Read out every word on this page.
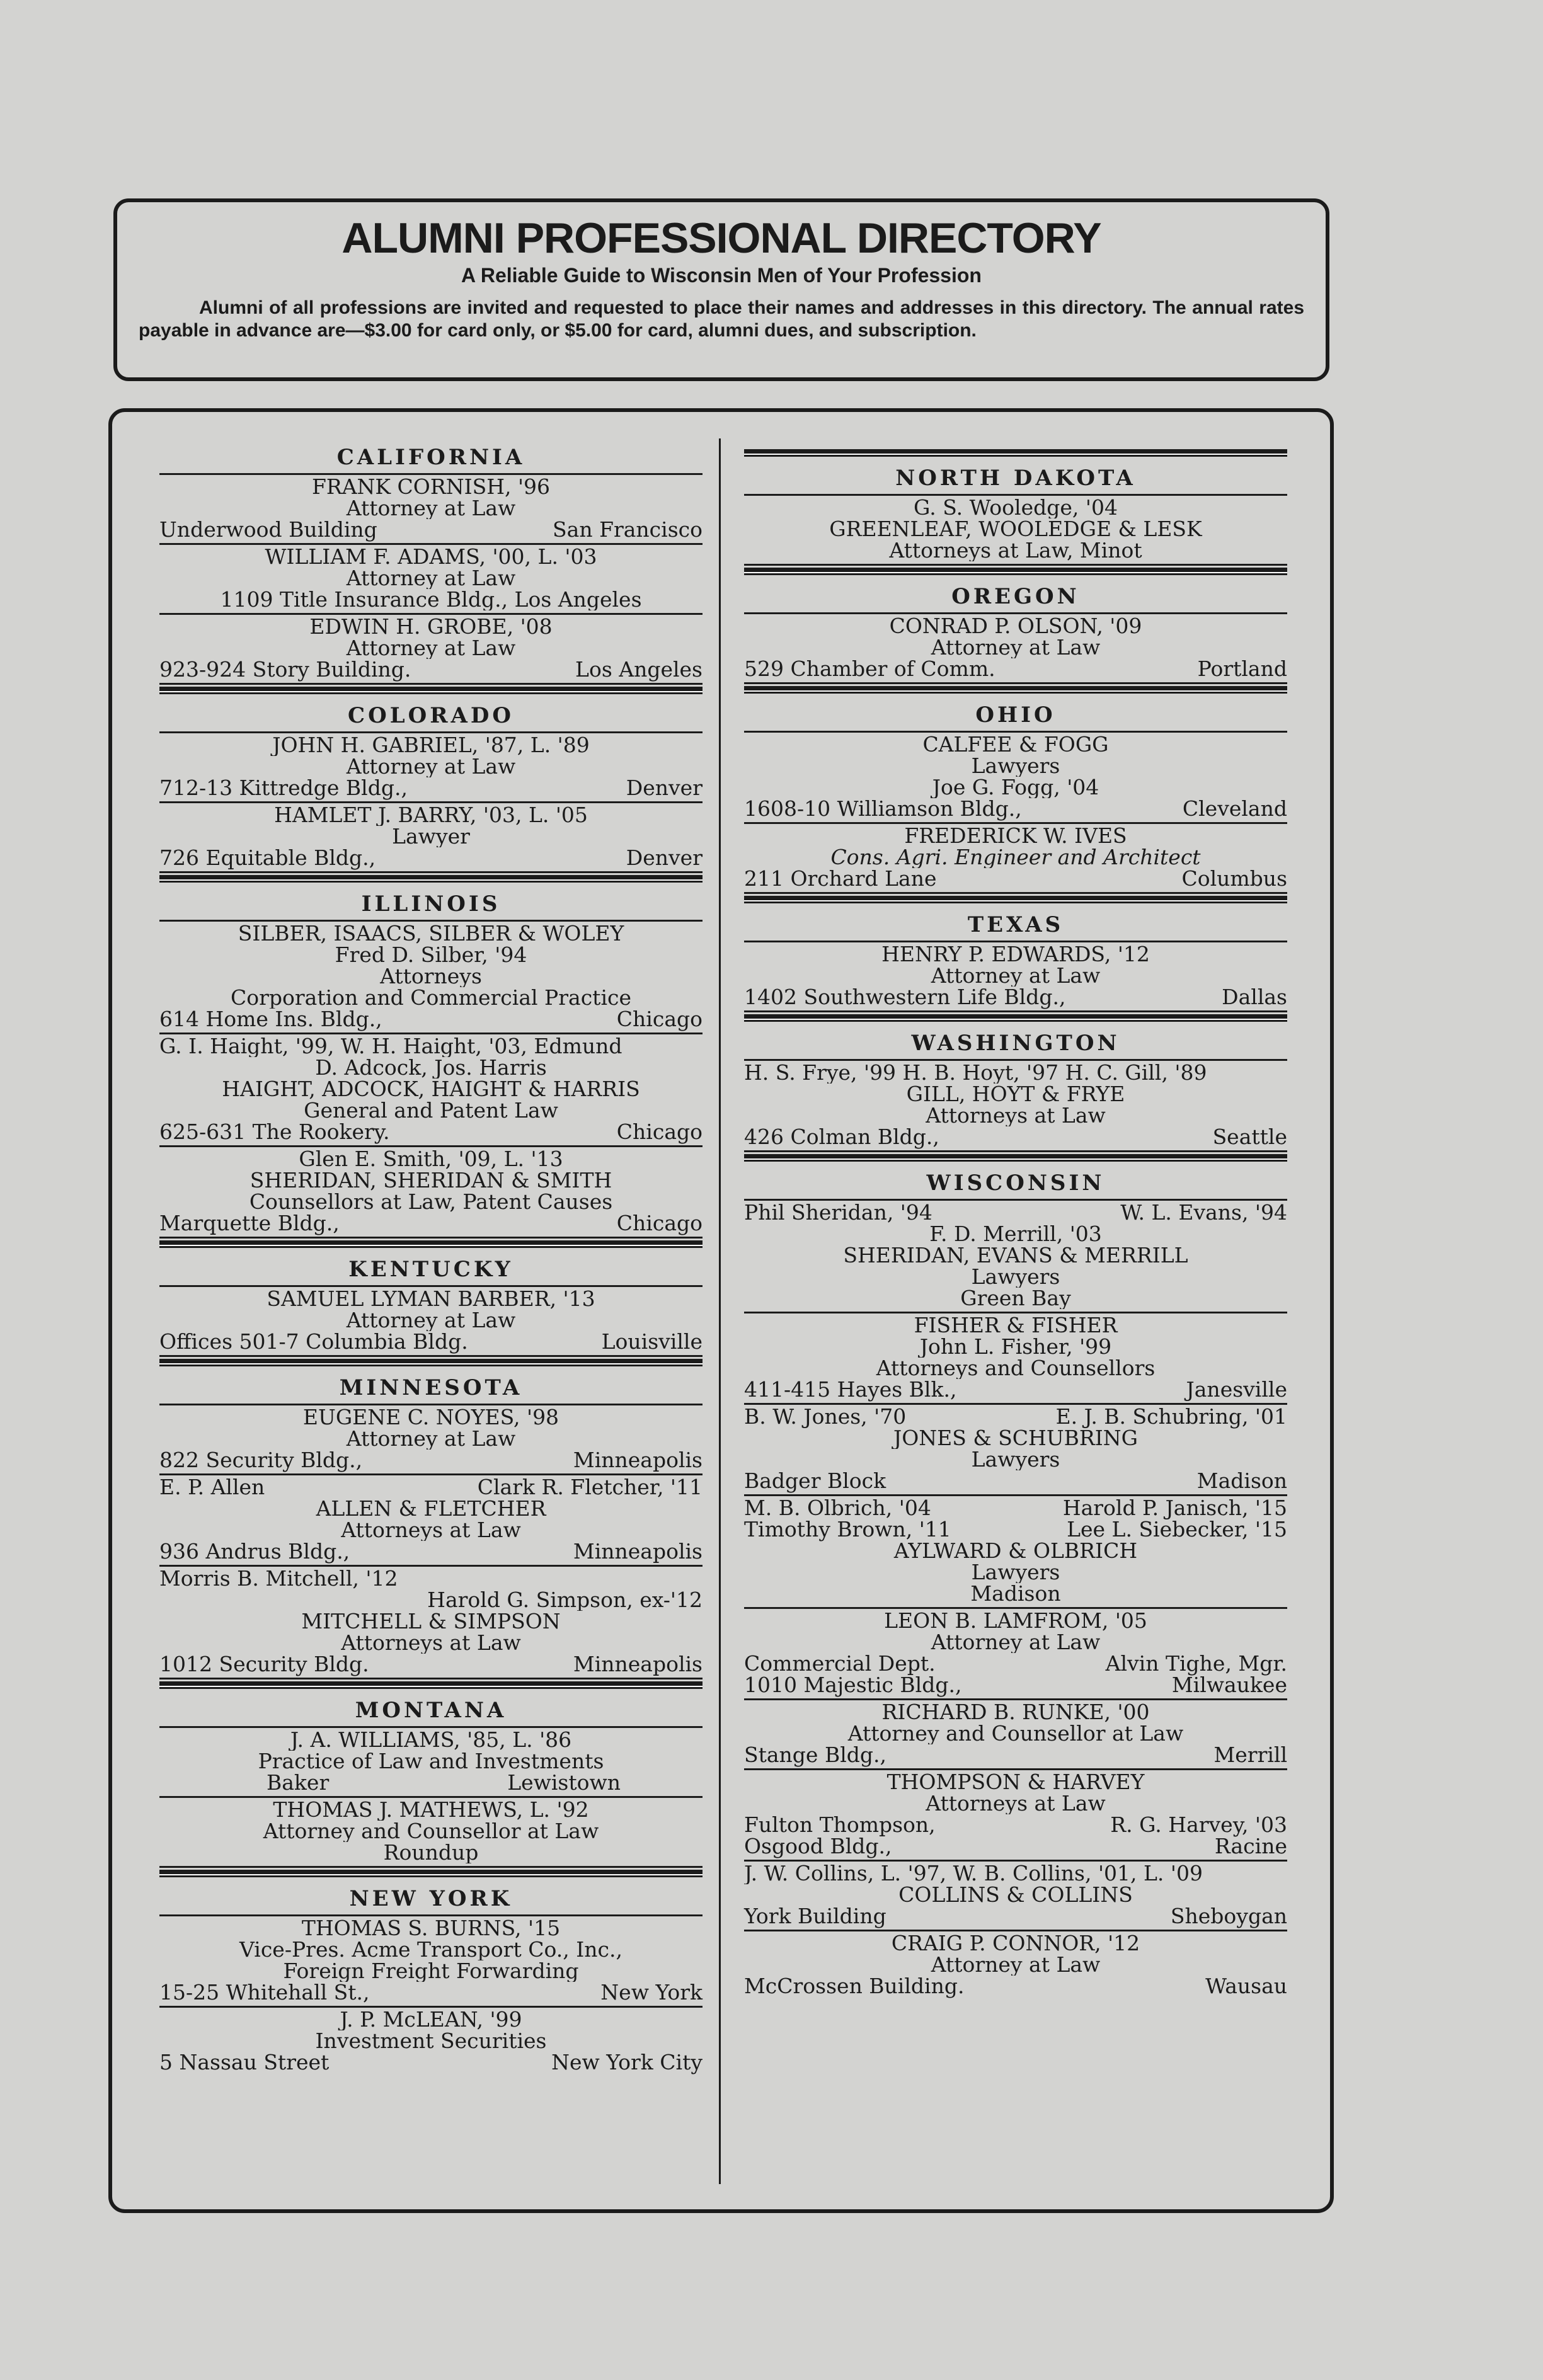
ALUMNI PROFESSIONAL DIRECTORY
A Reliable Guide to Wisconsin Men of Your Profession
Alumni of all professions are invited and requested to place their names and addresses in this directory. The annual rates payable in advance are—$3.00 for card only, or $5.00 for card, alumni dues, and subscription.
CALIFORNIA
FRANK CORNISH, '96
Attorney at Law
Underwood Building	San Francisco
WILLIAM F. ADAMS, '00, L. '03
Attorney at Law
1109 Title Insurance Bldg., Los Angeles
EDWIN H. GROBE, '08
Attorney at Law
923-924 Story Building.	Los Angeles
COLORADO
JOHN H. GABRIEL, '87, L. '89
Attorney at Law
712-13 Kittredge Bldg.,	Denver
HAMLET J. BARRY, '03, L. '05
Lawyer
726 Equitable Bldg.,	Denver
ILLINOIS
SILBER, ISAACS, SILBER & WOLEY
Fred D. Silber, '94
Attorneys
Corporation and Commercial Practice
614 Home Ins. Bldg.,	Chicago
G. I. Haight, '99, W. H. Haight, '03, Edmund
D. Adcock, Jos. Harris
HAIGHT, ADCOCK, HAIGHT & HARRIS
General and Patent Law
625-631 The Rookery.	Chicago
Glen E. Smith, '09, L. '13
SHERIDAN, SHERIDAN & SMITH
Counsellors at Law, Patent Causes
Marquette Bldg.,	Chicago
KENTUCKY
SAMUEL LYMAN BARBER, '13
Attorney at Law
Offices 501-7 Columbia Bldg.	Louisville
MINNESOTA
EUGENE C. NOYES, '98
Attorney at Law
822 Security Bldg.,	Minneapolis
E. P. Allen	Clark R. Fletcher, '11
ALLEN & FLETCHER
Attorneys at Law
936 Andrus Bldg.,	Minneapolis
Morris B. Mitchell, '12
Harold G. Simpson, ex-'12
MITCHELL & SIMPSON
Attorneys at Law
1012 Security Bldg.	Minneapolis
MONTANA
J. A. WILLIAMS, '85, L. '86
Practice of Law and Investments
Baker	Lewistown
THOMAS J. MATHEWS, L. '92
Attorney and Counsellor at Law
Roundup
NEW YORK
THOMAS S. BURNS, '15
Vice-Pres. Acme Transport Co., Inc.,
Foreign Freight Forwarding
15-25 Whitehall St.,	New York
J. P. McLEAN, '99
Investment Securities
5 Nassau Street	New York City
NORTH DAKOTA
G. S. Wooledge, '04
GREENLEAF, WOOLEDGE & LESK
Attorneys at Law, Minot
OREGON
CONRAD P. OLSON, '09
Attorney at Law
529 Chamber of Comm.	Portland
OHIO
CALFEE & FOGG
Lawyers
Joe G. Fogg, '04
1608-10 Williamson Bldg.,	Cleveland
FREDERICK W. IVES
Cons. Agri. Engineer and Architect
211 Orchard Lane	Columbus
TEXAS
HENRY P. EDWARDS, '12
Attorney at Law
1402 Southwestern Life Bldg.,	Dallas
WASHINGTON
H. S. Frye, '99 H. B. Hoyt, '97 H. C. Gill, '89
GILL, HOYT & FRYE
Attorneys at Law
426 Colman Bldg.,	Seattle
WISCONSIN
Phil Sheridan, '94	W. L. Evans, '94
F. D. Merrill, '03
SHERIDAN, EVANS & MERRILL
Lawyers
Green Bay
FISHER & FISHER
John L. Fisher, '99
Attorneys and Counsellors
411-415 Hayes Blk.,	Janesville
B. W. Jones, '70	E. J. B. Schubring, '01
JONES & SCHUBRING
Lawyers
Badger Block	Madison
M. B. Olbrich, '04	Harold P. Janisch, '15
Timothy Brown, '11	Lee L. Siebecker, '15
AYLWARD & OLBRICH
Lawyers
Madison
LEON B. LAMFROM, '05
Attorney at Law
Commercial Dept.	Alvin Tighe, Mgr.
1010 Majestic Bldg.,	Milwaukee
RICHARD B. RUNKE, '00
Attorney and Counsellor at Law
Stange Bldg.,	Merrill
THOMPSON & HARVEY
Attorneys at Law
Fulton Thompson,	R. G. Harvey, '03
Osgood Bldg.,	Racine
J. W. Collins, L. '97, W. B. Collins, '01, L. '09
COLLINS & COLLINS
York Building	Sheboygan
CRAIG P. CONNOR, '12
Attorney at Law
McCrossen Building.	Wausau
